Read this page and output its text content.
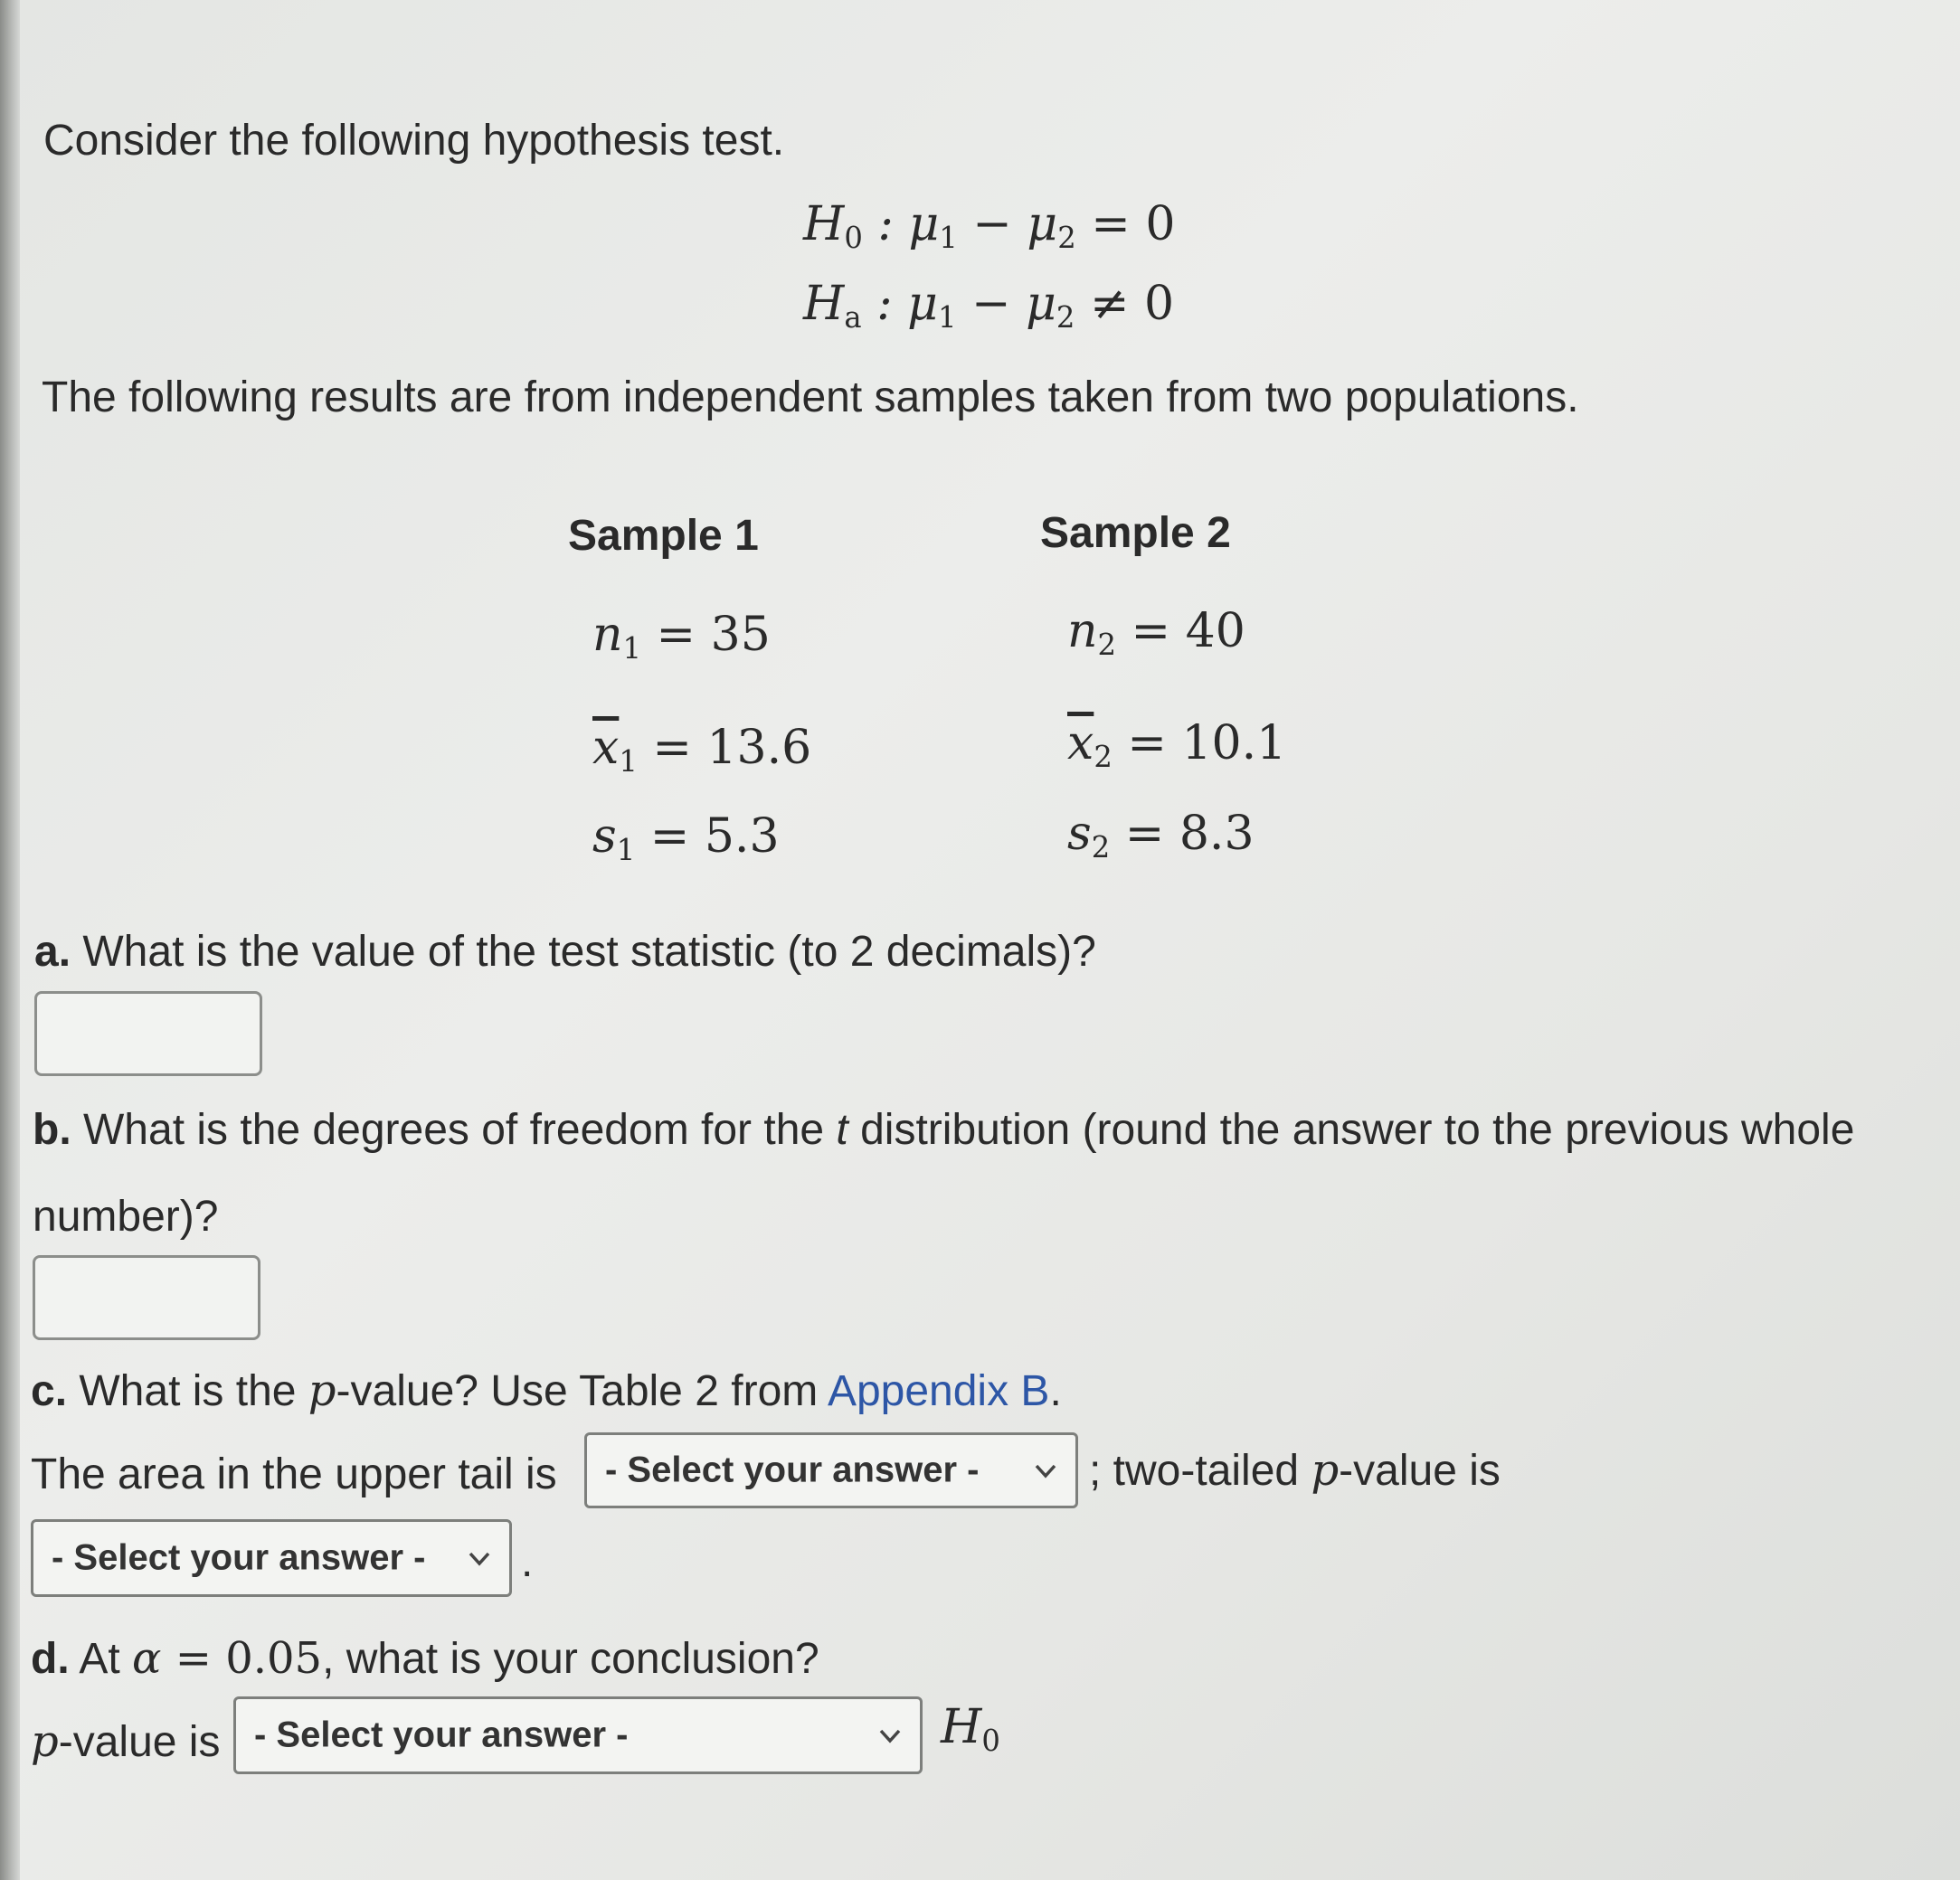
Consider the following hypothesis test.
$H_0$ : $\mu_1 - \mu_2 = 0$
$H_a$ : $\mu_1 - \mu_2 \ne 0$
The following results are from independent samples taken from two populations.
Sample 1	Sample 2
$n_1 = 35$	$n_2 = 40$
$\overline{x}_1 = 13.6$	$\overline{x}_2 = 10.1$
$s_1 = 5.3$	$s_2 = 8.3$
a. What is the value of the test statistic (to 2 decimals)?
b. What is the degrees of freedom for the t distribution (round the answer to the previous whole
number)?
c. What is the p-value? Use Table 2 from Appendix B.
The area in the upper tail is - Select your answer -	; two-tailed p-value is
- Select your answer - .
d. At α = 0.05, what is your conclusion?
p-value is - Select your answer -	$H_0$
